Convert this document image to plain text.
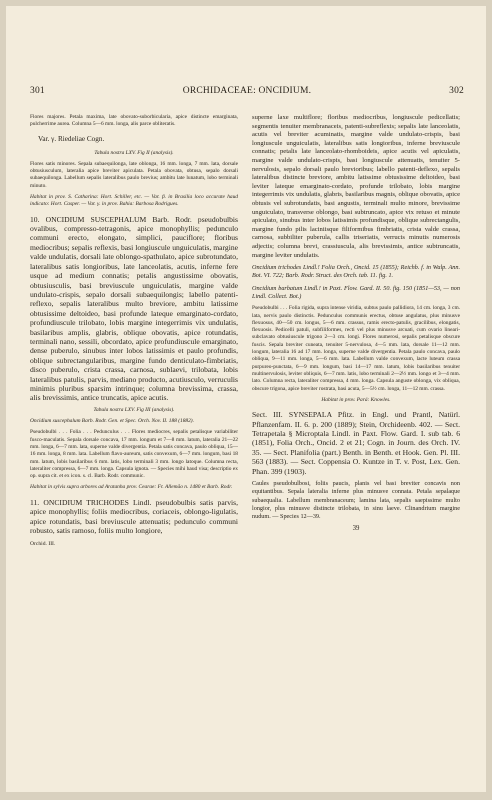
301	ORCHIDACEAE: ONCIDIUM.	302

Flores majores. Petala maxima, late obovato-suborbicularia, apice distincte emarginata, pulcherrime aurea. Columna 5—6 mm. longa, alis parce obliteratis.

Var. γ. Riedeliae Cogn.

Tabula nostra LXV. Fig II (analysis).

Flores satis minores. Sepala subaequilonga, late oblonga, 16 mm. longa, 7 mm. lata, dorsale obtusiusculum, lateralia apice breviter apiculata. Petala obovata, obtusa, sepalo dorsali subaequilonga. Labellum sepalis lateralibus paulo brevius; ambitu late lunatum, lobo terminali minuto.

Habitat in prov. S. Catharina: Hort. Schiller, etc. — Var. β. in Brasilia loco accurate haud indicato: Hort. Casper. — Var. γ. in prov. Bahia: Barbosa Rodrigues.

10. ONCIDIUM SUSCEPHALUM Barb. Rodr. pseudobulbis ovalibus, compresso-tetragonis, apice monophyllis; pedunculo communi erecto, elongato, simplici, pauciflore; floribus mediocribus; sepalis reflexis, basi longiuscule unguiculatis, margine valde undulatis, dorsali late oblongo-spathulato, apice subrotundato, lateralibus satis longioribus, late lanceolatis, acutis, inferne fere usque ad medium connatis; petalis angustissime obovatis, obtusiusculis, basi breviuscule unguiculatis, margine valde undulato-crispis, sepalo dorsali subaequilongis; labello patenti-reflexo, sepalis lateralibus multo breviore, ambitu latissime obtusissime deltoideo, basi profunde lateque emarginato-cordato, profundiuscule trilobato, lobis margine integerrimis vix undulatis, basilaribus amplis, glabris, oblique obovatis, apice rotundatis, terminali nano, sessili, obcordato, apice profundiuscule emarginato, dense puberulo, sinubus inter lobos latissimis et paulo profundis, oblique subrectangularibus, margine fundo denticulato-fimbriatis, disco puberulo, crista crassa, carnosa, sublaevi, trilobata, lobis lateralibus patulis, parvis, mediano producto, acutiusculo, verruculis minimis pluribus sparsim intrinque; columna brevissima, crassa, alis brevissimis, antice truncatis, apice acutis.

Tabula nostra LXV. Fig III (analysis).

Oncidium suscephalum Barb. Rodr. Gen. et Spec. Orch. Nov. II. 188 (1882).

Pseudobulbi . . . Folia . . . Pedunculus . . . Flores mediocres, sepalis petalisque variabiliter fusco-maculatis. Sepala dorsale concava, 17 mm. longum et 7—8 mm. latum, lateralia 21—22 mm. longa, 6—7 mm. lata, superne valde divergentia. Petala satis concava, paulo obliqua, 15—16 mm. longa, 8 mm. lata. Labellum flavo-aureum, satis convexum, 6—7 mm. longum, basi 18 mm. latum, lobis basilaribus 6 mm. latis, lobo terminali 3 mm. longo latoque. Columna recta, lateraliter compressa, 6—7 mm. longa. Capsula ignota. — Species mihi haud visa; descriptio ex op. supra cit. et ex icon. s. cl. Barb. Rodr. communic.

Habitat in sylvis supra arbores ad Aratanha prov. Cearae: Fr. Allemão n. 1480 et Barb. Rodr.

11. ONCIDIUM TRICHODES Lindl. pseudobulbis satis parvis, apice monophyllis; foliis mediocribus, coriaceis, oblongo-ligulatis, apice rotundatis, basi breviuscule attenuatis; pedunculo communi robusto, satis ramoso, foliis multo longiore,

Orchid. III.

superne laxe multiflore; floribus mediocribus, longiuscule pedicellatis; segmentis tenuiter membranaceis, patenti-subreflexis; sepalis late lanceolatis, acutis vel breviter acuminatis, margine valde undulato-crispis, basi longiuscule unguiculatis, lateralibus satis longioribus, inferne breviuscule connatis; petalis late lanceolato-rhomboideis, apice acutis vel apiculatis, margine valde undulato-crispis, basi longiuscule attenuatis, tenuiter 5-nervulosis, sepalo dorsali paulo brevioribus; labello patenti-deflexo, sepalis lateralibus distincte breviore, ambitu latissime obtusissime deltoideo, basi leviter lateque emarginato-cordato, profunde trilobato, lobis margine integerrimis vix undulatis, glabris, basilaribus magnis, oblique obovatis, apice obtusis vel subrotundatis, basi angustis, terminali multo minore, brevissime unguiculato, transverse oblongo, basi subtruncato, apice vix retuso et minute apiculato, sinubus inter lobos latissimis profundisque, oblique subrectangulis, margine fundo pilis laciniisque filiformibus fimbriatis, crista valde crassa, carnosa, subbiliter puberula, callis triseriatis, verrucis minutis numerosis adjectis; columna brevi, crassiuscula, alis brevissimis, antice subtruncatis, margine leviter undulatis.

Oncidium trichodes Lindl.! Folia Orch., Oncid. 15 (1855); Reichb. f. in Walp. Ann. Bot. VI. 722; Barb. Rodr. Struct. des Orch. tab. 11. fig. 1.

Oncidium barbatum Lindl.! in Paxt. Flow. Gard. II. 50. fig. 150 (1851—53, — non Lindl. Collect. Bot.)

Pseudobulbi . . . Folia rigida, supra intense viridia, subtus paulo pallidiora, 14 cm. longa, 3 cm. lata, nervis paulo distinctis. Pedunculus communis erectus, obtuse angulatus, plus minusve flexuosus, 40—50 cm. longus, 5—6 mm. crassus, ramis erecto-patulis, gracilibus, elongatis, flexuosis. Pedicelli patuli, subfiliformes, recti vel plus minusve arcuati, cum ovario lineari-subclavato obtusiuscule trigono 2—3 cm. longi. Flores numerosi, sepalis petalisque obscure fuscis. Sepala breviter cuneata, tenuiter 5-nervulosa, 4—5 mm. lata, dorsale 11—12 mm. longum, lateralia 16 ad 17 mm. longa, superne valde divergentia. Petala paulo concava, paulo obliqua, 9—11 mm. longa, 5—6 mm. lata. Labellum valde convexum, lacte luteum crassa purpureo-punctata, 6—9 mm. longum, basi 14—17 mm. latum, lobis basilaribus tenuiter multinervulosis, leviter obliquis, 6—7 mm. latis, lobo terminali 2—2½ mm. longo et 3—4 mm. lato. Columna recta, lateraliter compressa, 4 mm. longa. Capsula anguste oblonga, vix obliqua, obscure trigona, apice breviter rostrata, basi acuta, 5—5½ cm. longa, 11—12 mm. crassa.

Habitat in prov. Pará: Knowles.

Sect. III. SYNSEPALA Pfitz. in Engl. und Prantl, Natürl. Pflanzenfam. II. 6. p. 200 (1889); Stein, Orchideenb. 402. — Sect. Tetrapetala § Microptala Lindl. in Paxt. Flow. Gard. I. sub tab. 6 (1851), Folia Orch., Oncid. 2 et 21; Cogn. in Journ. des Orch. IV. 35. — Sect. Planifolia (part.) Benth. in Benth. et Hook. Gen. Pl. III. 563 (1883). — Sect. Coppensia O. Kuntze in T. v. Post, Lex. Gen. Phan. 399 (1903).

Caules pseudobulbosi, foliis paucis, planis vel basi breviter concavis non equitantibus. Sepala lateralia inferne plus minusve connata. Petala sepalaque subaequalia. Labellum membranaceum; lamina lata, sepalis saepissime multo longior, plus minusve distincte trilobata, in sinu laeve. Clinandrium margine nudum. — Species 12—39.

39
